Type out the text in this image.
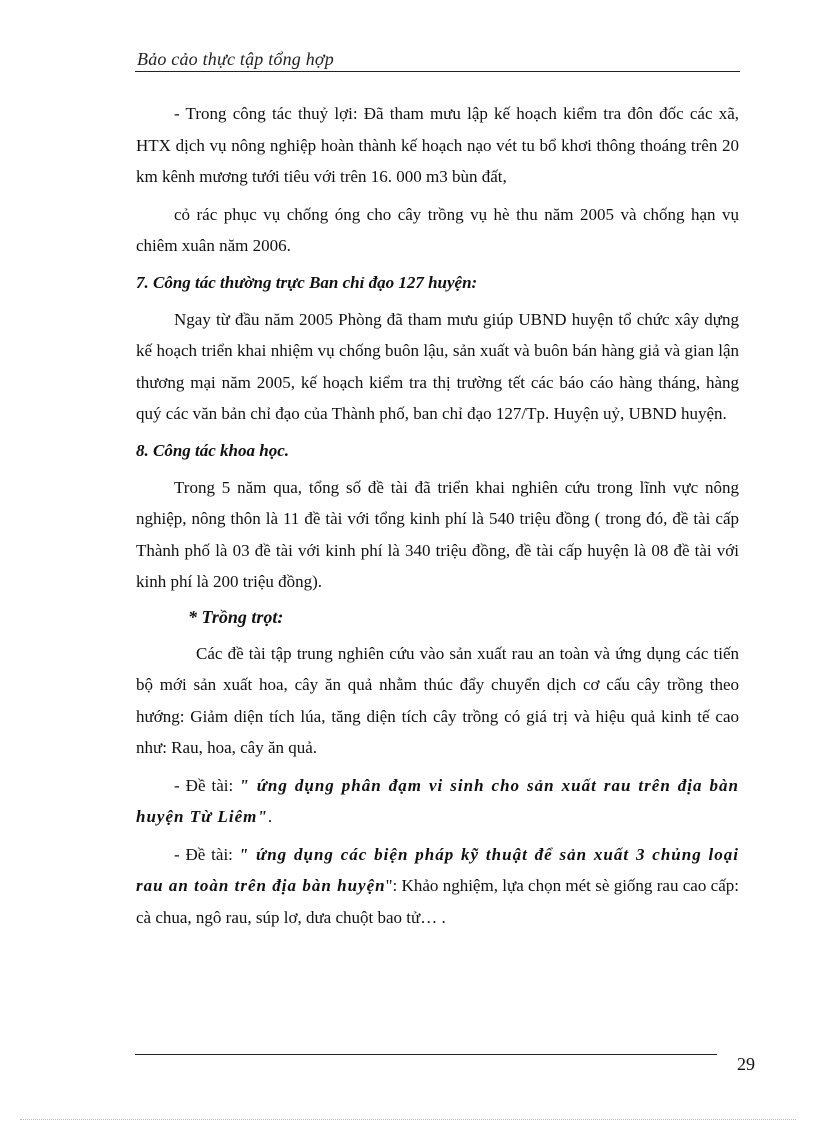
Bảo cảo thực tập tổng hợp

- Trong công tác thuỷ lợi: Đã tham mưu lập kế hoạch kiểm tra đôn đốc các xã, HTX dịch vụ nông nghiệp hoàn thành kế hoạch nạo vét tu bổ khơi thông thoáng trên 20 km kênh mương tưới tiêu với trên 16. 000 m3 bùn đất,

cỏ rác phục vụ chống óng cho cây trồng vụ hè thu năm 2005 và chống hạn vụ chiêm xuân năm 2006.

7. Công tác thường trực Ban chỉ đạo 127 huyện:

Ngay từ đầu năm 2005 Phòng đã tham mưu giúp UBND huyện tổ chức xây dựng kế hoạch triển khai nhiệm vụ chống buôn lậu, sản xuất và buôn bán hàng giả và gian lận thương mại năm 2005, kế hoạch kiểm tra thị trường tết các báo cáo hàng tháng, hàng quý các văn bản chỉ đạo của Thành phố, ban chỉ đạo 127/Tp. Huyện uỷ, UBND huyện.

8. Công tác khoa học.

Trong 5 năm qua, tổng số đề tài đã triển khai nghiên cứu trong lĩnh vực nông nghiệp, nông thôn là 11 đề tài với tổng kinh phí là 540 triệu đồng ( trong đó, đề tài cấp Thành phố là 03 đề tài với kinh phí là 340 triệu đồng, đề tài cấp huyện là 08 đề tài với kinh phí là 200 triệu đồng).

* Trồng trọt:

Các đề tài tập trung nghiên cứu vào sản xuất rau an toàn và ứng dụng các tiến bộ mới sản xuất hoa, cây ăn quả nhằm thúc đẩy chuyển dịch cơ cấu cây trồng theo hướng: Giảm diện tích lúa, tăng diện tích cây trồng có giá trị và hiệu quả kinh tế cao như: Rau, hoa, cây ăn quả.

- Đề tài: " ứng dụng phân đạm vi sinh cho sản xuất rau trên địa bàn huyện Từ Liêm".

- Đề tài: " ứng dụng các biện pháp kỹ thuật để sản xuất 3 chủng loại rau an toàn trên địa bàn huyện": Khảo nghiệm, lựa chọn mét sè giống rau cao cấp: cà chua, ngô rau, súp lơ, dưa chuột bao tử… .

29
